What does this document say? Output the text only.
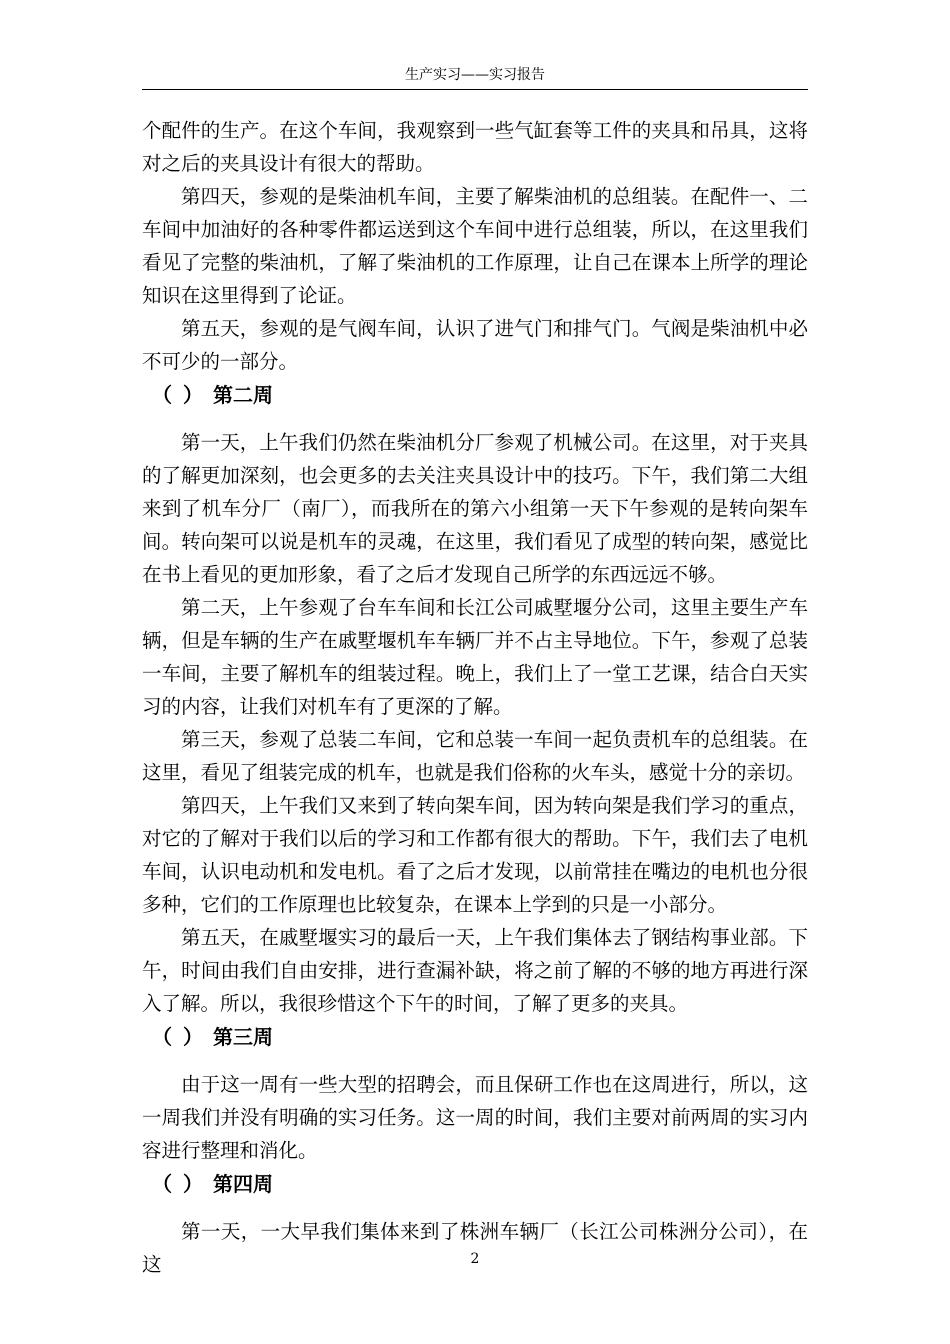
生产实习——实习报告

个配件的生产。在这个车间，我观察到一些气缸套等工件的夹具和吊具，这将对之后的夹具设计有很大的帮助。

第四天，参观的是柴油机车间，主要了解柴油机的总组装。在配件一、二车间中加油好的各种零件都运送到这个车间中进行总组装，所以，在这里我们看见了完整的柴油机，了解了柴油机的工作原理，让自己在课本上所学的理论知识在这里得到了论证。

第五天，参观的是气阀车间，认识了进气门和排气门。气阀是柴油机中必不可少的一部分。

（ ） 第二周

第一天，上午我们仍然在柴油机分厂参观了机械公司。在这里，对于夹具的了解更加深刻，也会更多的去关注夹具设计中的技巧。下午，我们第二大组来到了机车分厂（南厂），而我所在的第六小组第一天下午参观的是转向架车间。转向架可以说是机车的灵魂，在这里，我们看见了成型的转向架，感觉比在书上看见的更加形象，看了之后才发现自己所学的东西远远不够。

第二天，上午参观了台车车间和长江公司戚墅堰分公司，这里主要生产车辆，但是车辆的生产在戚墅堰机车车辆厂并不占主导地位。下午，参观了总装一车间，主要了解机车的组装过程。晚上，我们上了一堂工艺课，结合白天实习的内容，让我们对机车有了更深的了解。

第三天，参观了总装二车间，它和总装一车间一起负责机车的总组装。在这里，看见了组装完成的机车，也就是我们俗称的火车头，感觉十分的亲切。

第四天，上午我们又来到了转向架车间，因为转向架是我们学习的重点，对它的了解对于我们以后的学习和工作都有很大的帮助。下午，我们去了电机车间，认识电动机和发电机。看了之后才发现，以前常挂在嘴边的电机也分很多种，它们的工作原理也比较复杂，在课本上学到的只是一小部分。

第五天，在戚墅堰实习的最后一天，上午我们集体去了钢结构事业部。下午，时间由我们自由安排，进行查漏补缺，将之前了解的不够的地方再进行深入了解。所以，我很珍惜这个下午的时间，了解了更多的夹具。

（ ） 第三周

由于这一周有一些大型的招聘会，而且保研工作也在这周进行，所以，这一周我们并没有明确的实习任务。这一周的时间，我们主要对前两周的实习内容进行整理和消化。

（ ） 第四周

第一天，一大早我们集体来到了株洲车辆厂（长江公司株洲分公司），在这	2
